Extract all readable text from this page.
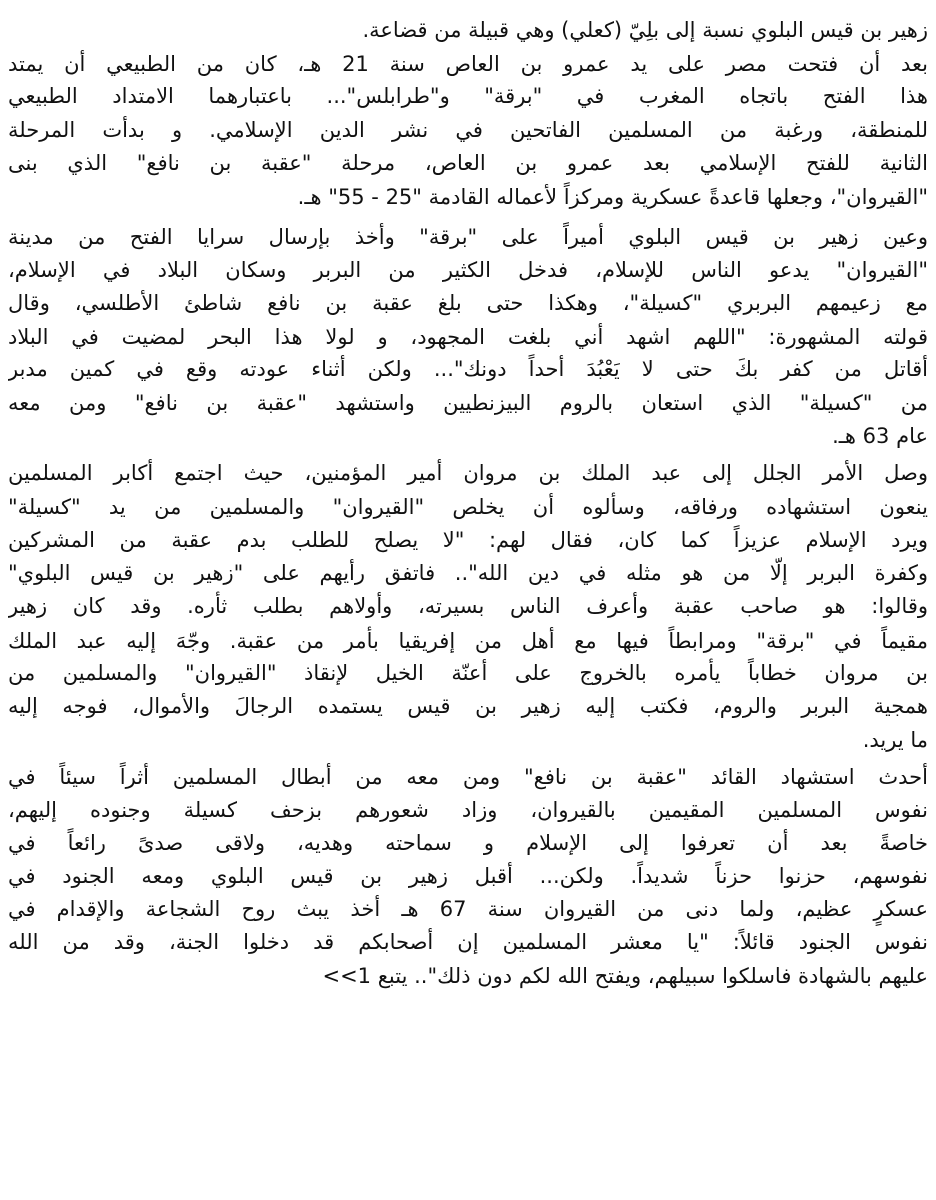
زهير بن قيس البلوي نسبة إلى بلِيّ (كعلي) وهي قبيلة من قضاعة.
بعد أن فتحت مصر على يد عمرو بن العاص سنة 21 هـ، كان من الطبيعي أن يمتد
هذا الفتح باتجاه المغرب في "برقة" و"طرابلس"... باعتبارهما الامتداد الطبيعي
للمنطقة، ورغبة من المسلمين الفاتحين في نشر الدين الإسلامي. و بدأت المرحلة
الثانية للفتح الإسلامي بعد عمرو بن العاص، مرحلة "عقبة بن نافع" الذي بنى
"القيروان"، وجعلها قاعدةً عسكرية ومركزاً لأعماله القادمة "25 - 55" هـ.
وعين زهير بن قيس البلوي أميراً على "برقة" وأخذ بإرسال سرايا الفتح من مدينة
"القيروان" يدعو الناس للإسلام، فدخل الكثير من البربر وسكان البلاد في الإسلام،
مع زعيمهم البربري "كسيلة"، وهكذا حتى بلغ عقبة بن نافع شاطئ الأطلسي، وقال
قولته المشهورة: "اللهم اشهد أني بلغت المجهود، و لولا هذا البحر لمضيت في البلاد
أقاتل من كفر بكَ حتى لا يَعْبُدَ أحداً دونك"... ولكن أثناء عودته وقع في كمين مدبر
من "كسيلة" الذي استعان بالروم البيزنطيين واستشهد "عقبة بن نافع" ومن معه
عام 63 هـ.
وصل الأمر الجلل إلى عبد الملك بن مروان أمير المؤمنين، حيث اجتمع أكابر المسلمين
ينعون استشهاده ورفاقه، وسألوه أن يخلص "القيروان" والمسلمين من يد "كسيلة"
ويرد الإسلام عزيزاً كما كان، فقال لهم: "لا يصلح للطلب بدم عقبة من المشركين
وكفرة البربر إلّا من هو مثله في دين الله".. فاتفق رأيهم على "زهير بن قيس البلوي"
وقالوا: هو صاحب عقبة وأعرف الناس بسيرته، وأولاهم بطلب ثأره. وقد كان زهير
مقيماً في "برقة" ومرابطاً فيها مع أهل من إفريقيا بأمر من عقبة. وجّهَ إليه عبد الملك
بن مروان خطاباً يأمره بالخروج على أعنّة الخيل لإنقاذ "القيروان" والمسلمين من
همجية البربر والروم، فكتب إليه زهير بن قيس يستمده الرجالَ والأموال، فوجه إليه
ما يريد.
أحدث استشهاد القائد "عقبة بن نافع" ومن معه من أبطال المسلمين أثراً سيئاً في
نفوس المسلمين المقيمين بالقيروان، وزاد شعورهم بزحف كسيلة وجنوده إليهم،
خاصةً بعد أن تعرفوا إلى الإسلام و سماحته وهديه، ولاقى صدىً رائعاً في
نفوسهم، حزنوا حزناً شديداً. ولكن... أقبل زهير بن قيس البلوي ومعه الجنود في
عسكرٍ عظيم، ولما دنى من القيروان سنة 67 هـ أخذ يبث روح الشجاعة والإقدام في
نفوس الجنود قائلاً: "يا معشر المسلمين إن أصحابكم قد دخلوا الجنة، وقد من الله
عليهم بالشهادة فاسلكوا سبيلهم، ويفتح الله لكم دون ذلك".. يتبع 1>>
